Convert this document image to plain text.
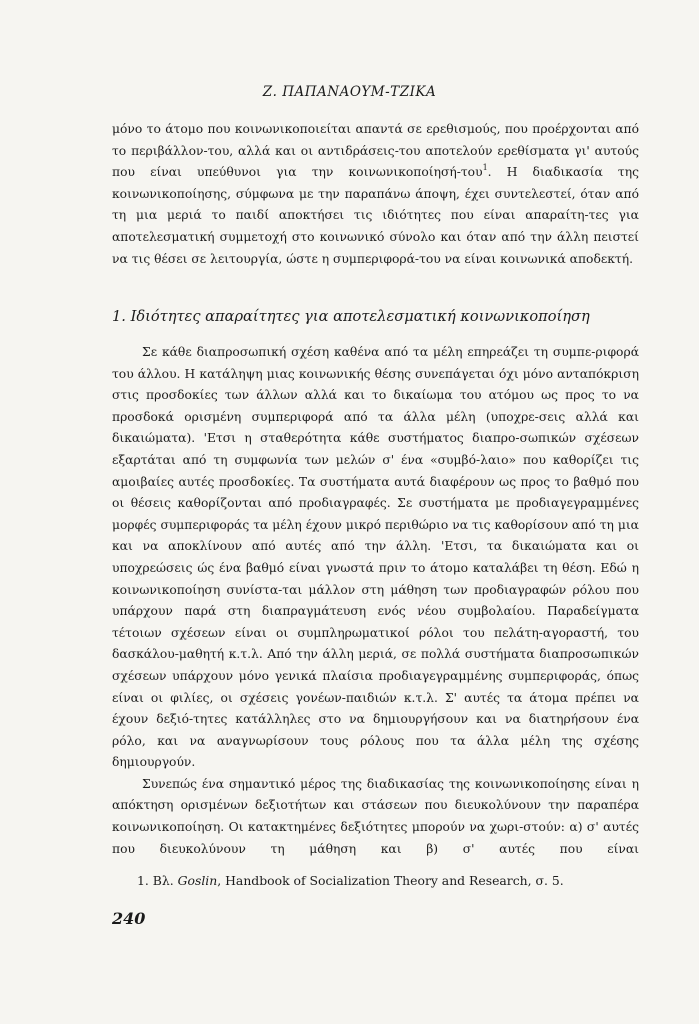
Ζ. ΠΑΠΑΝΑΟΥΜ-ΤΖΙΚΑ

μόνο το άτομο που κοινωνικοποιείται απαντά σε ερεθισμούς, που προέρχονται από το περιβάλλον-του, αλλά και οι αντιδράσεις-του αποτελούν ερεθίσματα γι' αυτούς που είναι υπεύθυνοι για την κοινωνικοποίησή-του$^1$. Η διαδικασία της κοινωνικοποίησης, σύμφωνα με την παραπάνω άποψη, έχει συντελεστεί, όταν από τη μια μεριά το παιδί αποκτήσει τις ιδιότητες που είναι απαραίτη-τες για αποτελεσματική συμμετοχή στο κοινωνικό σύνολο και όταν από την άλλη πειστεί να τις θέσει σε λειτουργία, ώστε η συμπεριφορά-του να είναι κοινωνικά αποδεκτή.

1. Ιδιότητες απαραίτητες για αποτελεσματική κοινωνικοποίηση

Σε κάθε διαπροσωπική σχέση καθένα από τα μέλη επηρεάζει τη συμπε-ριφορά του άλλου. Η κατάληψη μιας κοινωνικής θέσης συνεπάγεται όχι μόνο ανταπόκριση στις προσδοκίες των άλλων αλλά και το δικαίωμα του ατόμου ως προς το να προσδοκά ορισμένη συμπεριφορά από τα άλλα μέλη (υποχρε-σεις αλλά και δικαιώματα). 'Ετσι η σταθερότητα κάθε συστήματος διαπρο-σωπικών σχέσεων εξαρτάται από τη συμφωνία των μελών σ' ένα «συμβό-λαιο» που καθορίζει τις αμοιβαίες αυτές προσδοκίες. Τα συστήματα αυτά διαφέρουν ως προς το βαθμό που οι θέσεις καθορίζονται από προδιαγραφές. Σε συστήματα με προδιαγεγραμμένες μορφές συμπεριφοράς τα μέλη έχουν μικρό περιθώριο να τις καθορίσουν από τη μια και να αποκλίνουν από αυτές από την άλλη. 'Ετσι, τα δικαιώματα και οι υποχρεώσεις ώς ένα βαθμό είναι γνωστά πριν το άτομο καταλάβει τη θέση. Εδώ η κοινωνικοποίηση συνίστα-ται μάλλον στη μάθηση των προδιαγραφών ρόλου που υπάρχουν παρά στη διαπραγμάτευση ενός νέου συμβολαίου. Παραδείγματα τέτοιων σχέσεων είναι οι συμπληρωματικοί ρόλοι του πελάτη-αγοραστή, του δασκάλου-μαθητή κ.τ.λ. Από την άλλη μεριά, σε πολλά συστήματα διαπροσωπικών σχέσεων υπάρχουν μόνο γενικά πλαίσια προδιαγεγραμμένης συμπεριφοράς, όπως είναι οι φιλίες, οι σχέσεις γονέων-παιδιών κ.τ.λ. Σ' αυτές τα άτομα πρέπει να έχουν δεξιό-τητες κατάλληλες στο να δημιουργήσουν και να διατηρήσουν ένα ρόλο, και να αναγνωρίσουν τους ρόλους που τα άλλα μέλη της σχέσης δημιουργούν.

Συνεπώς ένα σημαντικό μέρος της διαδικασίας της κοινωνικοποίησης είναι η απόκτηση ορισμένων δεξιοτήτων και στάσεων που διευκολύνουν την παραπέρα κοινωνικοποίηση. Οι κατακτημένες δεξιότητες μπορούν να χωρι-στούν: α) σ' αυτές που διευκολύνουν τη μάθηση και β) σ' αυτές που είναι

1. Βλ. Goslin, Handbook of Socialization Theory and Research, σ. 5.
240
